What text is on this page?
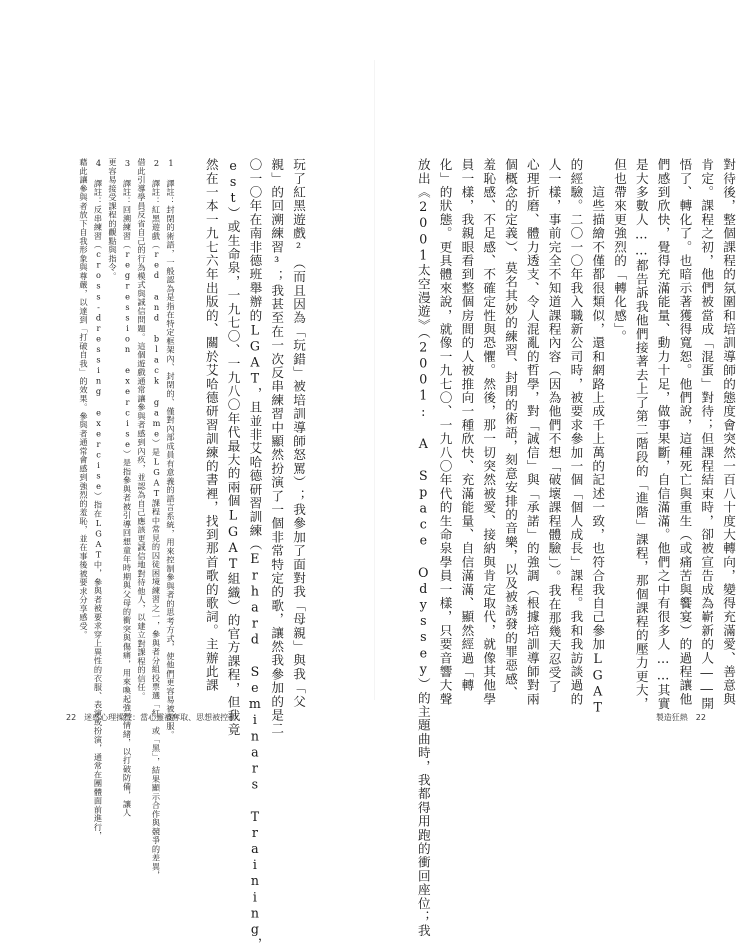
對待後，整個課程的氛圍和培訓導師的態度會突然一百八十度大轉向，變得充滿愛、善意與
肯定。課程之初，他們被當成「混蛋」對待；但課程結束時，卻被宣告成為嶄新的人――開
悟了、轉化了。也暗示著獲得寬恕。他們說，這種死亡與重生（或痛苦與饗宴）的過程讓他
們感到欣快，覺得充滿能量、動力十足，做事果斷，自信滿滿。他們之中有很多人……其實
是大多數人……都告訴我他們接著去上了第二階段的「進階」課程，那個課程的壓力更大，
但也帶來更強烈的「轉化感」。
　　這些描繪不僅都很類似，還和網路上成千上萬的記述一致，也符合我自己參加LGAT
的經驗。二〇一〇年我入職新公司時，被要求參加一個「個人成長」課程。我和我訪談過的
人一樣，事前完全不知道課程內容（因為他們不想「破壞課程體驗」）。我在那幾天忍受了
心理折磨、體力透支、令人混亂的哲學，對「誠信」與「承諾」的強調（根據培訓導師對兩
個概念的定義）、莫名其妙的練習、封閉的術語，刻意安排的音樂，以及被誘發的罪惡感、
羞恥感、不足感、不確定性與恐懼。然後，那一切突然被愛、接納與肯定取代，就像其他學
員一樣，我親眼看到整個房間的人被推向一種欣快、充滿能量、自信滿滿、顯然經過「轉
化」的狀態。更具體來說，就像一九七〇、一九八〇年代的生命泉學員一樣，只要音響大聲
放出《2001太空漫遊》（2001: A Space Odyssey）的主題曲時，我都得用跑的衝回座位；我	製造狂熱　22
玩了紅黑遊戲²（而且因為「玩錯」被培訓導師怒罵）；我參加了面對我「母親」與我「父
親」的回溯練習³；我甚至在一次反串練習中顯然扮演了一個非常特定的歌，讓然我參加的是二
〇一〇年在南非德班舉辦的LGAT，且並非艾哈德研習訓練（Erhard Seminars Training，
est）或生命泉，一九七〇、一九八〇年代最大的兩個LGAT組織）的官方課程，但我竟
然在一本一九七六年出版的、關於艾哈德研習訓練的書裡，找到那首歌的歌詞。主辦此課
1 譯註：封閉的術語，一般認為是指在特定框架內、封閉的、僅對內部成員有意義的語言系統，用來控制參與者的思考方式，使他們更容易被說服。
2 譯註：紅黑遊戲（red and black game）是LGAT課程中常見的囚徒困境練習之一，參與者分組投票選「紅」或「黑」，結果顯示合作與競爭的差異，
借此引導學員反省自己的行為模式與誠信問題。這個遊戲通常讓參與者感到內疚，並認為自己應該更誠信地對待他人，以建立對課程的信任。
3 譯註：回溯練習（regression exercise）是指參與者被引導回想童年時期與父母的衝突與傷痛，用來喚起強烈情緒，以打破防備，讓人
更容易接受課程的觀點與指令。
4 譯註：反串練習（cross-dressing exercise）指在LGAT中，參與者被要求穿上異性的衣服、表演或扮演，通常在團體面前進行，
藉此讓參與者放下自我形象與尊嚴，以達到「打破自我」的效果。參與者通常會感到強烈的羞恥，並在事後被要求分享感受。
22　迷惑心理操控：當心靈被奪取、思想被控制
